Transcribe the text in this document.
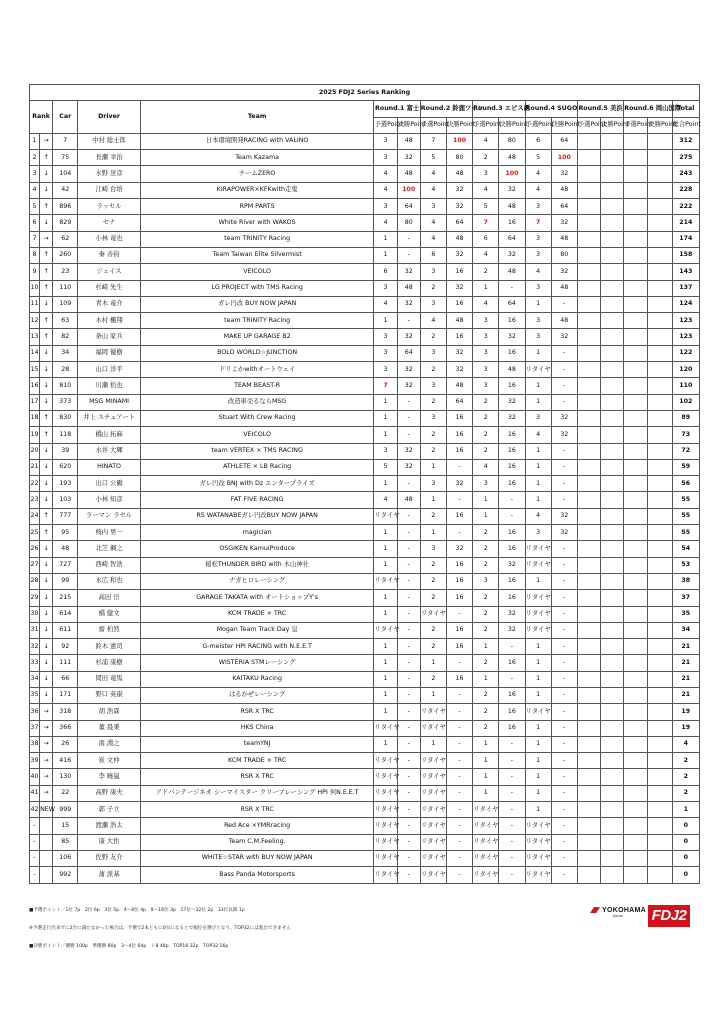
2025 FDJ2 Series Ranking																	
Rank		Car	Driver	Team	Round.1 富士		Round.2 鈴鹿ツイン		Round.3 エビス西		Round.4 SUGO		Round.5 美浜		Round.6 岡山国際		Total
					予選Point	決勝Point	予選Point	決勝Point	予選Point	決勝Point	予選Point	決勝Point	予選Point	決勝Point	予選Point	決勝Point	総合Point
1	→	7	中村 総士郎	日本環境開発RACING with VALINO	3	48	7	100	4	80	6	64					312
2	↑	75	長瀬 幸治	Team Kazama	3	32	5	80	2	48	5	100					275
3	↓	104	水野 蛍彦	チームZERO	4	48	4	48	3	100	4	32					243
4	↓	42	江崎 台培	KIRAPOWER×KFKwith走鬼	4	100	4	32	4	32	4	48					228
5	↑	896	ラッセル	RPM PARTS	3	64	3	32	5	48	3	64					222
6	↓	829	セナ	White River with WAKOS	4	80	4	64	7	16	7	32					214
7	→	62	小林 竜也	team TRINITY Racing	1	-	4	48	6	64	3	48					174
8	↑	260	秦 善钧	Team Taiwan Elite Silvermist	1	-	6	32	4	32	3	80					158
9	↑	23	ジェイス	VEICOLO	6	32	3	16	2	48	4	32					143
10	↑	110	杉崎 先生	LG PROJECT with TMS Racing	3	48	2	32	1	-	3	48					137
11	↓	109	青木 竜介	ガレ円改 BUY NOW JAPAN	4	32	3	16	4	64	1	-					124
12	↑	63	木村 楓翔	team TRINITY Racing	1	-	4	48	3	16	3	48					123
13	↑	82	条山 家兵	MAKE UP GARAGE B2	3	32	2	16	3	32	3	32					123
14	↓	34	福岡 優樹	BOLD WORLD☆JUNCTION	3	64	3	32	3	16	1	-					122
15	↓	28	山口 洋平	ドリよかwithオートウェイ	3	32	2	32	3	48	リタイヤ	-					120
16	↓	810	川瀬 拾也	TEAM BEAST-R	7	32	3	48	3	16	1	-					110
17	↓	373	MSG MINAMI	改造車売るならMSG	1	-	2	64	2	32	1	-					102
18	↑	830	井上 スチュアート	Stuart With Crew Racing	1	-	3	16	2	32	3	32					89
19	↑	118	橋山 拓麻	VEICOLO	1	-	2	16	2	16	4	32					73
20	↓	39	水井 大輝	team VERTEX × TMS RACING	3	32	2	16	2	16	1	-					72
21	↓	620	HINATO	ATHLETE × LB Racing	5	32	1	-	4	16	1	-					59
22	↓	193	出口 公鶴	ガレ円改 BNJ with Dz エンタープライズ	1	-	3	32	3	16	1	-					56
23	↓	103	小林 知彦	FAT FIVE RACING	4	48	1	-	1	-	1	-					55
24	↑	777	ラーマン ラセル	RS WATANABEガレ円改BUY NOW JAPAN	リタイヤ	-	2	16	1	-	4	32					55
25	↑	95	桜内 男一	magician	1	-	1	-	2	16	3	32					55
26	↓	48	北芝 鋼之	OSGIKEN KamuiProduce	1	-	3	32	2	16	リタイヤ	-					54
27	↓	727	西崎 智浩	稲松THUNDER BIRD with 木山神社	1	-	2	16	2	32	リタイヤ	-					53
28	↓	99	永広 和也	ナガヒロレーシング	リタイヤ	-	2	16	3	16	1	-					38
29	↓	215	高田 岳	GARAGE TAKATA with オートショップY's	1	-	2	16	2	16	リタイヤ	-					37
30	↓	614	橋 健文	KCM TRADE × TRC	1	-	リタイヤ	-	2	32	リタイヤ	-					35
31	↓	611	齋 柏然	Mogan Team Track Day 皇	リタイヤ	-	2	16	2	32	リタイヤ	-					34
32	↓	92	鈴木 憲司	G-meister HPI RACING with N.E.E.T	1	-	2	16	1	-	1	-					21
33	↓	111	杉浦 康樹	WISTERIA STMレーシング	1	-	1	-	2	16	1	-					21
34	↓	66	岡田 竜馬	KAITAKU Racing	1	-	2	16	1	-	1	-					21
35	↓	171	野口 英康	はるかぜレーシング	1	-	1	-	2	16	1	-					21
36	→	318	胡 浩霖	RSR X TRC	1	-	リタイヤ	-	2	16	リタイヤ	-					19
37	→	366	董 晨秉	HKS China	リタイヤ	-	リタイヤ	-	2	16	1	-					19
38	→	26	南 淵之	teamYNJ	1	-	1	-	1	-	1	-					4
39	→	416	崔 文仲	KCM TRADE × TRC	リタイヤ	-	リタイヤ	-	1	-	1	-					2
40	→	130	李 曉嵐	RSR X TRC	リタイヤ	-	リタイヤ	-	1	-	1	-					2
41	→	22	高野 康夫	アドバンテージネオ シーマイスター クリーブレーシング HPI 何N.E.E.T	リタイヤ	-	リタイヤ	-	1	-	1	-					2
42	NEW	999	郭 子立	RSR X TRC	リタイヤ	-	リタイヤ	-	リタイヤ	-	1	-					1
-		15	渡瀬 浩太	Red Ace ×YMRracing	リタイヤ	-	リタイヤ	-	リタイヤ	-	リタイヤ	-					0
-		85	康 大佑	Team C.M.Feeling.	リタイヤ	-	リタイヤ	-	リタイヤ	-	リタイヤ	-					0
-		106	佐野 友介	WHITE☆STAR with BUY NOW JAPAN	リタイヤ	-	リタイヤ	-	リタイヤ	-	リタイヤ	-					0
-		992	蒲 派基	Bass Panda Motorsports	リタイヤ	-	リタイヤ	-	リタイヤ	-	リタイヤ	-					0
■予選ポイント／1位 7p　2位 6p　3位 5p　4〜8位 4p　9〜16位 3p　17位〜32位 2p　33位以降 1p
※予選走行出来ずに2台に満たなかった場合は、予選で2本ともに0点になるとで順位を選びとなり、TOP32には進出できません
■決勝ポイント／優勝 100p　準優勝 80p　3〜4位 64p　ト8 48p　TOP16 32p　TOP32 16p
YOKOHAMA
Advan	FDJ2
